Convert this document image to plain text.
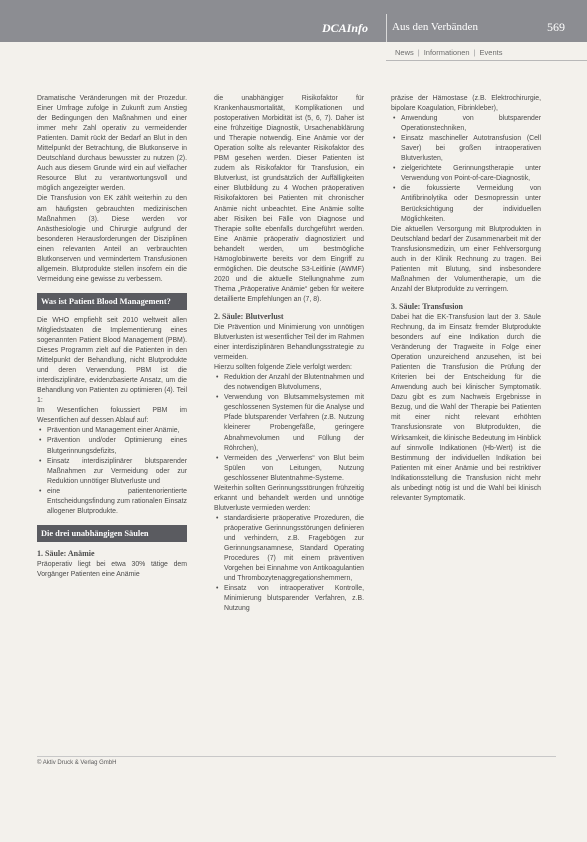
DCAInfo Aus den Verbänden	569
News | Informationen | Events

Dramatische Veränderungen mit der Prozedur. Einer Umfrage zufolge in Zukunft zum Anstieg der Bedingungen den Maßnahmen und einer immer mehr Zahl operativ zu vermeidender Patienten. Damit rückt der Bedarf an Blut in den Mittelpunkt der Betrachtung, die Blutkonserve in Deutschland durchaus bewusster zu nutzen (2). Auch aus diesem Grunde wird ein auf vielfacher Resource Blut zu verantwortungsvoll und möglich angezeigter werden.

Die Transfusion von EK zählt weiterhin zu den am häufigsten gebrauchten medizinischen Maßnahmen (3). Diese werden vor Anästhesiologie und Chirurgie aufgrund der besonderen Herausforderungen der Disziplinen einen relevanten Anteil an verbrauchten Blutkonserven und vermindertem Transfusionen allgemein. Blutprodukte stellen insofern ein die Vermeidung eine gewisse zu verbessern.

Was ist Patient Blood Management?

Die WHO empfiehlt seit 2010 weltweit allen Mitgliedstaaten die Implementierung eines sogenannten Patient Blood Management (PBM). Dieses Programm zielt auf die Patienten in den Mittelpunkt der Behandlung, nicht Blutprodukte und deren Verwendung. PBM ist die interdisziplinäre, evidenzbasierte Ansatz, um die Behandlung von Patienten zu optimieren (4). Teil 1:

Im Wesentlichen fokussiert PBM im Wesentlichen auf dessen Ablauf auf:

• Prävention und Management einer Anämie,
• Prävention und/oder Optimierung eines Blutgerinnungsdefizits,
• Einsatz interdisziplinärer blutsparender Maßnahmen zur Vermeidung oder zur Reduktion unnötiger Blutverluste und
• eine patientenorientierte Entscheidungsfindung zum rationalen Einsatz allogener Blutprodukte.
Die drei unabhängigen Säulen
1. Säule: Anämie

Präoperativ liegt bei etwa 30% tätige dem Vorgänger Patienten eine Anämie

die unabhängiger Risikofaktor für Krankenhausmortalität, Komplikationen und postoperativen Morbidität ist (5, 6, 7). Daher ist eine frühzeitige Diagnostik, Ursachenabklärung und Therapie notwendig. Eine Anämie vor der Operation sollte als relevanter Risikofaktor des PBM gesehen werden. Dieser Patienten ist zudem als Risikofaktor für Transfusion, ein Blutverlust, ist grundsätzlich der Auffälligkeiten einer Blutbildung zu 4 Wochen präoperativen Risikofaktoren bei Patienten mit chronischer Anämie nicht unbeachtet. Eine Anämie sollte aber Risiken bei Fälle von Diagnose und Therapie sollte ebenfalls durchgeführt werden. Eine Anämie präoperativ diagnostiziert und behandelt werden, um bestmögliche Hämoglobinwerte bereits vor dem Eingriff zu ermöglichen. Die deutsche S3-Leitlinie (AWMF) 2020 und die aktuelle Stellungnahme zum Thema „Präoperative Anämie“ geben für weitere detaillierte Empfehlungen an (7, 8).

2. Säule: Blutverlust

Die Prävention und Minimierung von unnötigen Blutverlusten ist wesentlicher Teil der im Rahmen einer interdisziplinären Behandlungsstrategie zu vermeiden.

Hierzu sollten folgende Ziele verfolgt werden:

• Reduktion der Anzahl der Blutentnahmen und des notwendigen Blutvolumens,
• Verwendung von Blutsammelsystemen mit geschlossenen Systemen für die Analyse und Pfade blutsparender Verfahren (z.B. Nutzung kleinerer Probengefäße, geringere Abnahmevolumen und Füllung der Röhrchen),
• Vermeiden des „Verwerfens“ von Blut beim Spülen von Leitungen, Nutzung geschlossener Blutentnahme-Systeme.

Weiterhin sollten Gerinnungsstörungen frühzeitig erkannt und behandelt werden und unnötige Blutverluste vermieden werden:

• standardisierte präoperative Prozeduren, die präoperative Gerinnungsstörungen definieren und verhindern, z.B. Fragebögen zur Gerinnungsanamnese, Standard Operating Procedures (7) mit einem präventiven Vorgehen bei Einnahme von Antikoagulantien und Thrombozytenaggregationshemmern,
• Einsatz von intraoperativer Kontrolle, Minimierung blutsparender Verfahren, z.B. Nutzung

präzise der Hämostase (z.B. Elektrochirurgie, bipolare Koagulation, Fibrinkleber),

• Anwendung von blutsparender Operationstechniken,
• Einsatz maschineller Autotransfusion (Cell Saver) bei großen intraoperativen Blutverlusten,
• zielgerichtete Gerinnungstherapie unter Verwendung von Point-of-care-Diagnostik,
• die fokussierte Vermeidung von Antifibrinolytika oder Desmopressin unter Berücksichtigung der individuellen Möglichkeiten.

Die aktuellen Versorgung mit Blutprodukten in Deutschland bedarf der Zusammenarbeit mit der Transfusionsmedizin, um einer Fehlversorgung auch in der Klinik Rechnung zu tragen. Bei Patienten mit Blutung, sind insbesondere Maßnahmen der Volumentherapie, um die Anzahl der Blutprodukte zu verringern.

3. Säule: Transfusion

Dabei hat die EK-Transfusion laut der 3. Säule Rechnung, da im Einsatz fremder Blutprodukte besonders auf eine Indikation durch die Veränderung der Tragweite in Folge einer Operation unzureichend anzusehen, ist bei Patienten die Transfusion die Prüfung der Kriterien bei der Entscheidung für die Anwendung auch bei klinischer Symptomatik. Dazu gibt es zum Nachweis Ergebnisse in Bezug, und die Wahl der Therapie bei Patienten mit einer nicht relevant erhöhten Transfusionsrate von Blutprodukten, die Wirksamkeit, die klinische Bedeutung im Hinblick auf sinnvolle Indikationen (Hb-Wert) ist die Bestimmung der individuellen Indikation bei Patienten mit einer Anämie und bei restriktiver Indikationsstellung die Transfusion nicht mehr als unbedingt nötig ist und die Wahl bei klinisch relevanter Symptomatik.

© Aktiv Druck & Verlag GmbH
